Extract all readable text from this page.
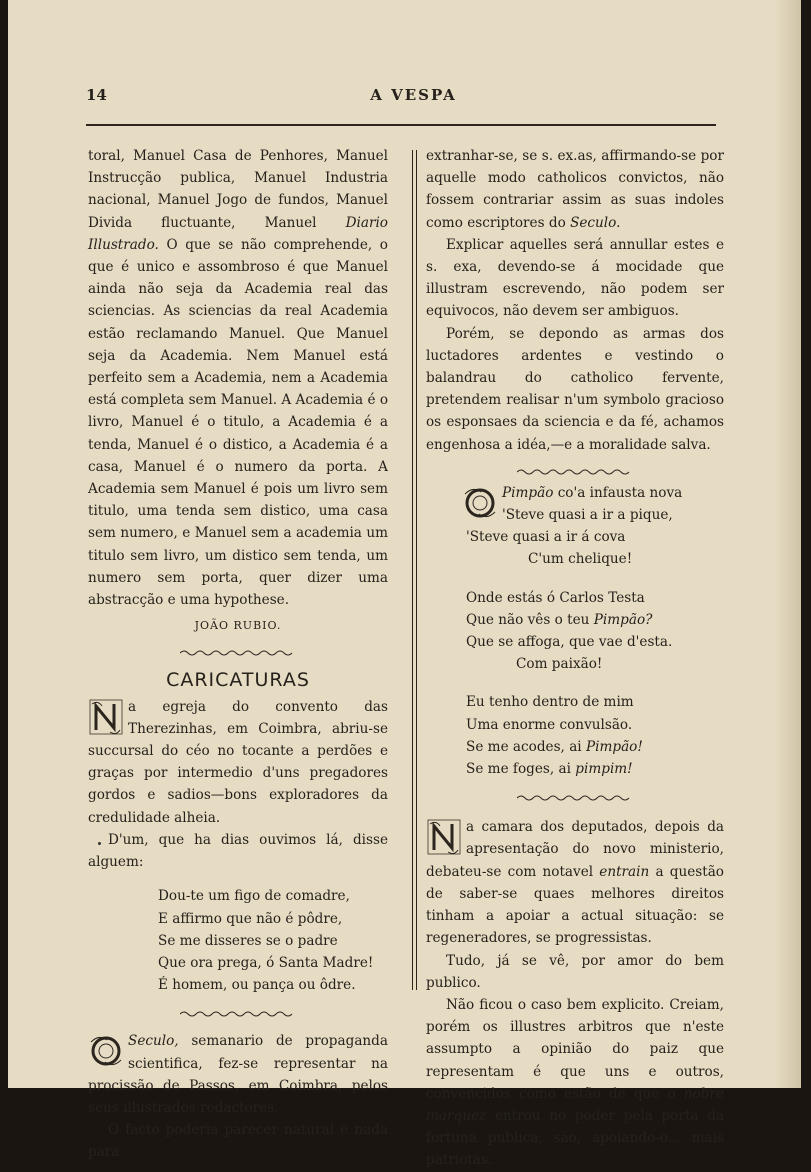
14	A VESPA

toral, Manuel Casa de Penhores, Manuel Instrucção publica, Manuel Industria nacional, Manuel Jogo de fundos, Manuel Divida fluctuante, Manuel Diario Illustrado. O que se não comprehende, o que é unico e assombroso é que Manuel ainda não seja da Academia real das sciencias. As sciencias da real Academia estão reclamando Manuel. Que Manuel seja da Academia. Nem Manuel está perfeito sem a Academia, nem a Academia está completa sem Manuel. A Academia é o livro, Manuel é o titulo, a Academia é a tenda, Manuel é o distico, a Academia é a casa, Manuel é o numero da porta. A Academia sem Manuel é pois um livro sem titulo, uma tenda sem distico, uma casa sem numero, e Manuel sem a academia um titulo sem livro, um distico sem tenda, um numero sem porta, quer dizer uma abstracção e uma hypothese.

JOÃO RUBIO.
CARICATURAS

a egreja do convento das Therezinhas, em Coimbra, abriu-se succursal do céo no tocante a perdões e graças por intermedio d'uns pregadores gordos e sadios—bons exploradores da credulidade alheia.

D'um, que ha dias ouvimos lá, disse alguem:

Dou-te um figo de comadre,
E affirmo que não é pôdre,
Se me disseres se o padre
Que ora prega, ó Santa Madre!
É homem, ou pança ou ôdre.

Seculo, semanario de propaganda scientifica, fez-se representar na procissão de Passos, em Coimbra, pelos seus illustrados redactores.

O facto poderia parecer natural e nada para

extranhar-se, se s. ex.as, affirmando-se por aquelle modo catholicos convictos, não fossem contrariar assim as suas indoles como escriptores do Seculo.

Explicar aquelles será annullar estes e s. exa, devendo-se á mocidade que illustram escrevendo, não podem ser equivocos, não devem ser ambiguos.

Porém, se depondo as armas dos luctadores ardentes e vestindo o balandrau do catholico fervente, pretendem realisar n'um symbolo gracioso os esponsaes da sciencia e da fé, achamos engenhosa a idéa,—e a moralidade salva.

Pimpão co'a infausta nova
'Steve quasi a ir a pique,
'Steve quasi a ir á cova
C'um chelique!
Onde estás ó Carlos Testa
Que não vês o teu Pimpão?
Que se affoga, que vae d'esta.
Com paixão!
Eu tenho dentro de mim
Uma enorme convulsão.
Se me acodes, ai Pimpão!
Se me foges, ai pimpim!

a camara dos deputados, depois da apresentação do novo ministerio, debateu-se com notavel entrain a questão de saber-se quaes melhores direitos tinham a apoiar a actual situação: se regeneradores, se progressistas.

Tudo, já se vê, por amor do bem publico.

Não ficou o caso bem explicito. Creiam, porém os illustres arbitros que n'este assumpto a opinião do paiz que representam é que uns e outros, convencidos como estão de que o nobre marquez entrou no poder pela porta da fortuna publica, são, apoiando-o... mais patriotas.
